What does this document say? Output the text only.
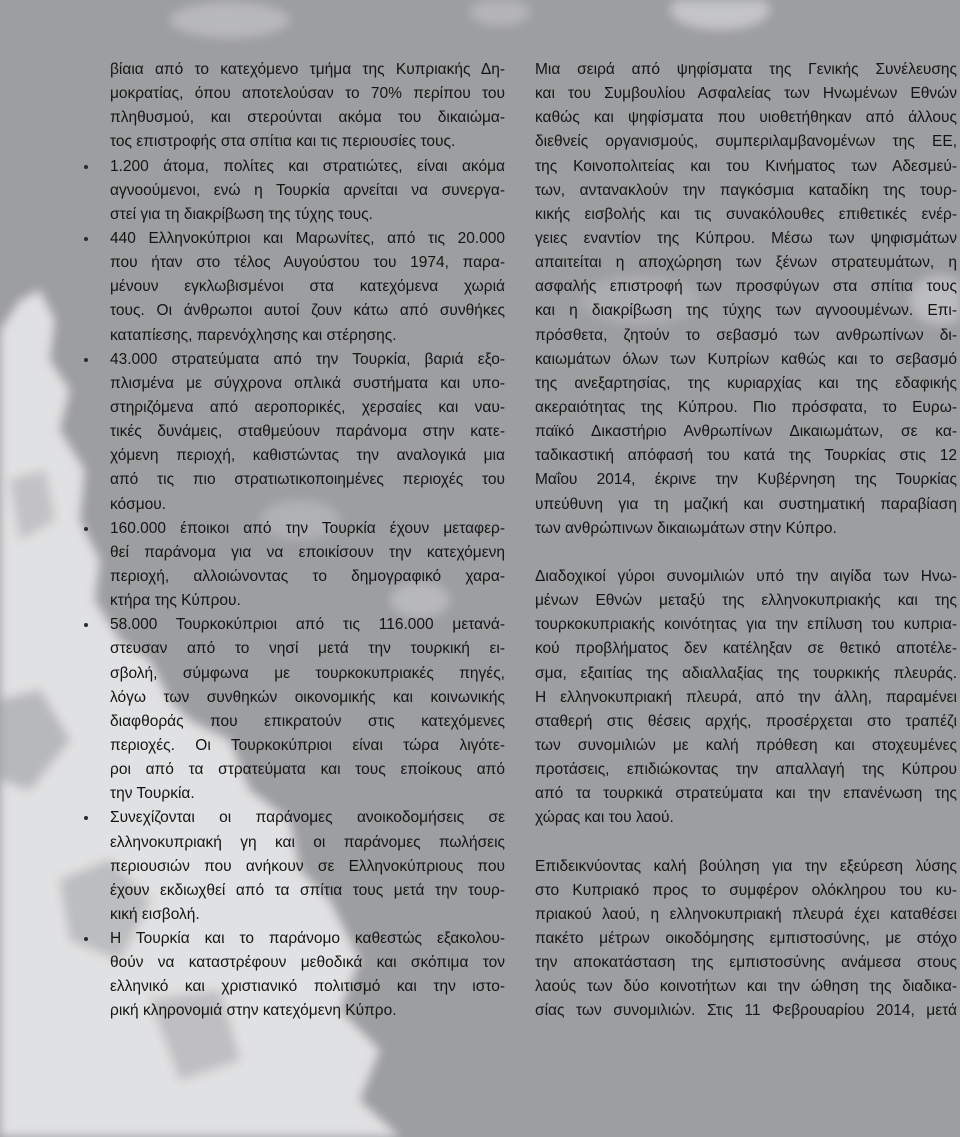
βίαια από το κατεχόμενο τμήμα της Κυπριακής Δη-
μοκρατίας, όπου αποτελούσαν το 70% περίπου του
πληθυσμού, και στερούνται ακόμα του δικαιώμα-
τος επιστροφής στα σπίτια και τις περιουσίες τους.
1.200 άτομα, πολίτες και στρατιώτες, είναι ακόμα
αγνοούμενοι, ενώ η Τουρκία αρνείται να συνεργα-
στεί για τη διακρίβωση της τύχης τους.
440 Ελληνοκύπριοι και Μαρωνίτες, από τις 20.000
που ήταν στο τέλος Αυγούστου του 1974, παρα-
μένουν εγκλωβισμένοι στα κατεχόμενα χωριά
τους. Οι άνθρωποι αυτοί ζουν κάτω από συνθήκες
καταπίεσης, παρενόχλησης και στέρησης.
43.000 στρατεύματα από την Τουρκία, βαριά εξο-
πλισμένα με σύγχρονα οπλικά συστήματα και υπο-
στηριζόμενα από αεροπορικές, χερσαίες και ναυ-
τικές δυνάμεις, σταθμεύουν παράνομα στην κατε-
χόμενη περιοχή, καθιστώντας την αναλογικά μια
από τις πιο στρατιωτικοποιημένες περιοχές του
κόσμου.
160.000 έποικοι από την Τουρκία έχουν μεταφερ-
θεί παράνομα για να εποικίσουν την κατεχόμενη
περιοχή, αλλοιώνοντας το δημογραφικό χαρα-
κτήρα της Κύπρου.
58.000 Τουρκοκύπριοι από τις 116.000 μετανά-
στευσαν από το νησί μετά την τουρκική ει-
σβολή, σύμφωνα με τουρκοκυπριακές πηγές,
λόγω των συνθηκών οικονομικής και κοινωνικής
διαφθοράς που επικρατούν στις κατεχόμενες
περιοχές. Οι Τουρκοκύπριοι είναι τώρα λιγότε-
ροι από τα στρατεύματα και τους εποίκους από
την Τουρκία.
Συνεχίζονται οι παράνομες ανοικοδομήσεις σε
ελληνοκυπριακή γη και οι παράνομες πωλήσεις
περιουσιών που ανήκουν σε Ελληνοκύπριους που
έχουν εκδιωχθεί από τα σπίτια τους μετά την τουρ-
κική εισβολή.
Η Τουρκία και το παράνομο καθεστώς εξακολου-
θούν να καταστρέφουν μεθοδικά και σκόπιμα τον
ελληνικό και χριστιανικό πολιτισμό και την ιστο-
ρική κληρονομιά στην κατεχόμενη Κύπρο.
Μια σειρά από ψηφίσματα της Γενικής Συνέλευσης
και του Συμβουλίου Ασφαλείας των Ηνωμένων Εθνών
καθώς και ψηφίσματα που υιοθετήθηκαν από άλλους
διεθνείς οργανισμούς, συμπεριλαμβανομένων της ΕΕ,
της Κοινοπολιτείας και του Κινήματος των Αδεσμεύ-
των, αντανακλούν την παγκόσμια καταδίκη της τουρ-
κικής εισβολής και τις συνακόλουθες επιθετικές ενέρ-
γειες εναντίον της Κύπρου. Μέσω των ψηφισμάτων
απαιτείται η αποχώρηση των ξένων στρατευμάτων, η
ασφαλής επιστροφή των προσφύγων στα σπίτια τους
και η διακρίβωση της τύχης των αγνοουμένων. Επι-
πρόσθετα, ζητούν το σεβασμό των ανθρωπίνων δι-
καιωμάτων όλων των Κυπρίων καθώς και το σεβασμό
της ανεξαρτησίας, της κυριαρχίας και της εδαφικής
ακεραιότητας της Κύπρου. Πιο πρόσφατα, το Ευρω-
παϊκό Δικαστήριο Ανθρωπίνων Δικαιωμάτων, σε κα-
ταδικαστική απόφασή του κατά της Τουρκίας στις 12
Μαΐου 2014, έκρινε την Κυβέρνηση της Τουρκίας
υπεύθυνη για τη μαζική και συστηματική παραβίαση
των ανθρώπινων δικαιωμάτων στην Κύπρο.
Διαδοχικοί γύροι συνομιλιών υπό την αιγίδα των Ηνω-
μένων Εθνών μεταξύ της ελληνοκυπριακής και της
τουρκοκυπριακής κοινότητας για την επίλυση του κυπρια-
κού προβλήματος δεν κατέληξαν σε θετικό αποτέλε-
σμα, εξαιτίας της αδιαλλαξίας της τουρκικής πλευράς.
Η ελληνοκυπριακή πλευρά, από την άλλη, παραμένει
σταθερή στις θέσεις αρχής, προσέρχεται στο τραπέζι
των συνομιλιών με καλή πρόθεση και στοχευμένες
προτάσεις, επιδιώκοντας την απαλλαγή της Κύπρου
από τα τουρκικά στρατεύματα και την επανένωση της
χώρας και του λαού.
Επιδεικνύοντας καλή βούληση για την εξεύρεση λύσης
στο Κυπριακό προς το συμφέρον ολόκληρου του κυ-
πριακού λαού, η ελληνοκυπριακή πλευρά έχει καταθέσει
πακέτο μέτρων οικοδόμησης εμπιστοσύνης, με στόχο
την αποκατάσταση της εμπιστοσύνης ανάμεσα στους
λαούς των δύο κοινοτήτων και την ώθηση της διαδικα-
σίας των συνομιλιών. Στις 11 Φεβρουαρίου 2014, μετά
